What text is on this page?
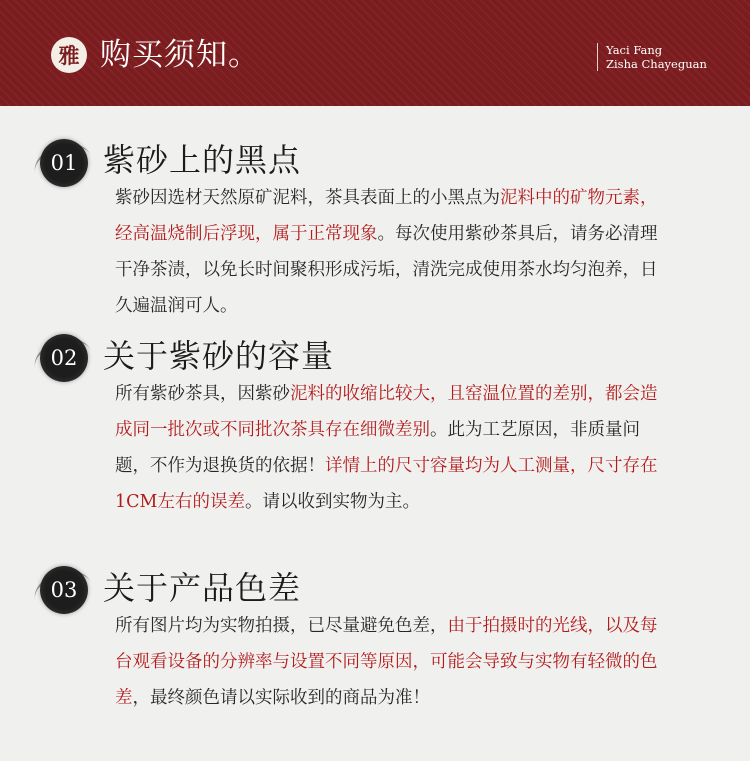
雅 购买须知。	Yaci Fang
Zisha Chayeguan
01 紫砂上的黑点
紫砂因选材天然原矿泥料，茶具表面上的小黑点为泥料中的矿物元素，经高温烧制后浮现，属于正常现象。每次使用紫砂茶具后，请务必清理干净茶渍，以免长时间聚积形成污垢，清洗完成使用茶水均匀泡养，日久遍温润可人。
02 关于紫砂的容量
所有紫砂茶具，因紫砂泥料的收缩比较大，且窑温位置的差别，都会造成同一批次或不同批次茶具存在细微差别。此为工艺原因，非质量问题，不作为退换货的依据！详情上的尺寸容量均为人工测量，尺寸存在1CM左右的误差。请以收到实物为主。
03 关于产品色差
所有图片均为实物拍摄，已尽量避免色差，由于拍摄时的光线，以及每台观看设备的分辨率与设置不同等原因，可能会导致与实物有轻微的色差，最终颜色请以实际收到的商品为准！
